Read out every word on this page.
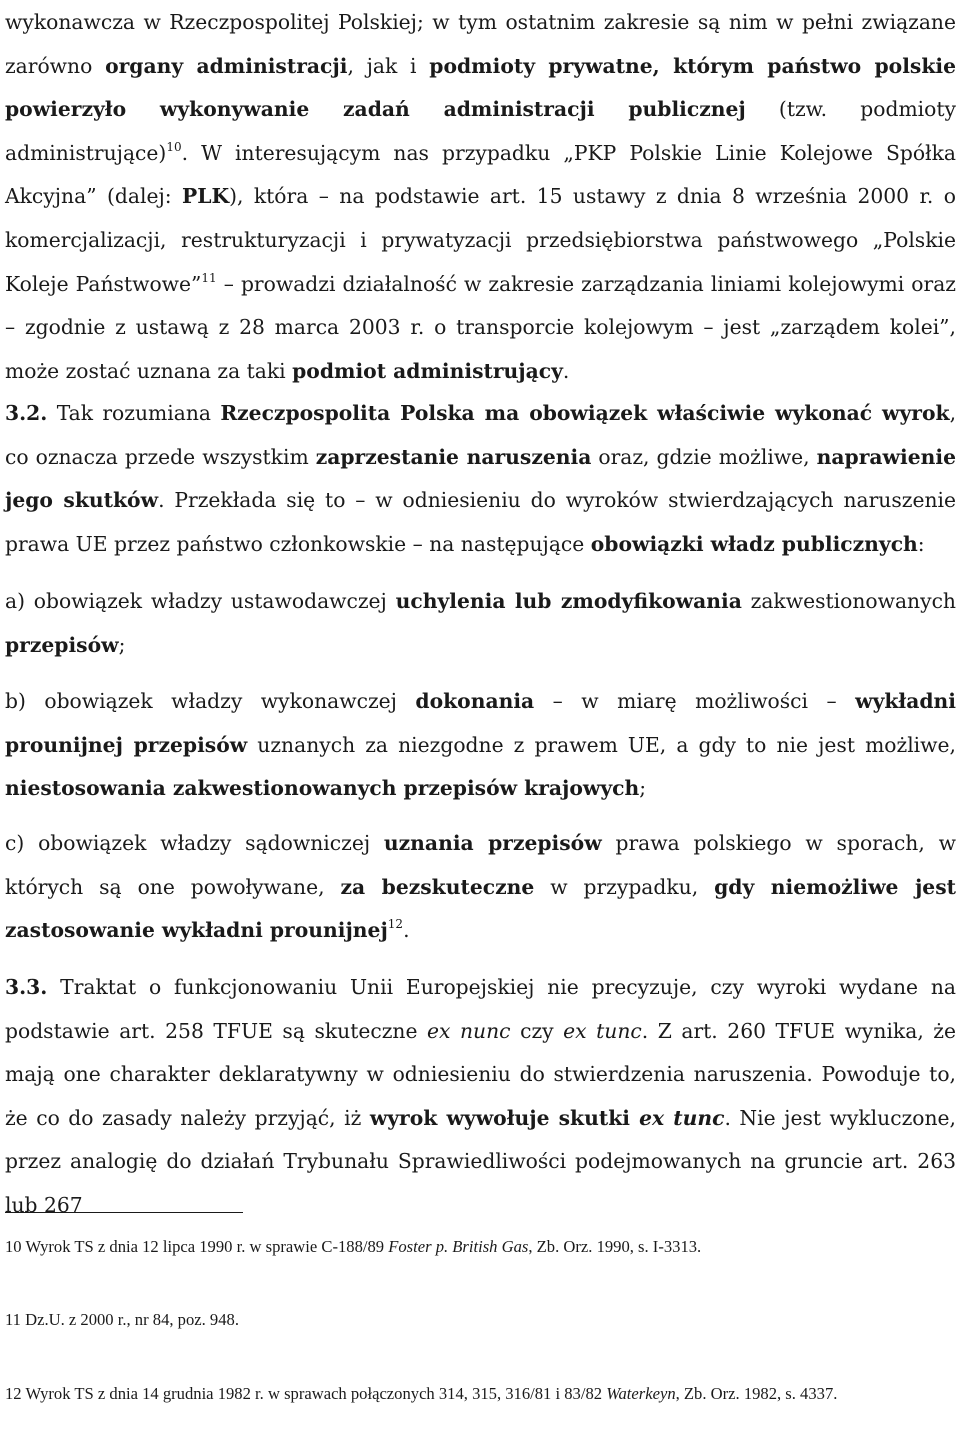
wykonawcza w Rzeczpospolitej Polskiej; w tym ostatnim zakresie są nim w pełni związane zarówno organy administracji, jak i podmioty prywatne, którym państwo polskie powierzyło wykonywanie zadań administracji publicznej (tzw. podmioty administrujące)$^{10}$. W interesującym nas przypadku „PKP Polskie Linie Kolejowe Spółka Akcyjna” (dalej: PLK), która – na podstawie art. 15 ustawy z dnia 8 września 2000 r. o komercjalizacji, restrukturyzacji i prywatyzacji przedsiębiorstwa państwowego „Polskie Koleje Państwowe”$^{11}$ – prowadzi działalność w zakresie zarządzania liniami kolejowymi oraz – zgodnie z ustawą z 28 marca 2003 r. o transporcie kolejowym – jest „zarządem kolei”, może zostać uznana za taki podmiot administrujący.

3.2. Tak rozumiana Rzeczpospolita Polska ma obowiązek właściwie wykonać wyrok, co oznacza przede wszystkim zaprzestanie naruszenia oraz, gdzie możliwe, naprawienie jego skutków. Przekłada się to – w odniesieniu do wyroków stwierdzających naruszenie prawa UE przez państwo członkowskie – na następujące obowiązki władz publicznych:

a) obowiązek władzy ustawodawczej uchylenia lub zmodyfikowania zakwestionowanych przepisów;

b) obowiązek władzy wykonawczej dokonania – w miarę możliwości – wykładni prounijnej przepisów uznanych za niezgodne z prawem UE, a gdy to nie jest możliwe, niestosowania zakwestionowanych przepisów krajowych;

c) obowiązek władzy sądowniczej uznania przepisów prawa polskiego w sporach, w których są one powoływane, za bezskuteczne w przypadku, gdy niemożliwe jest zastosowanie wykładni prounijnej$^{12}$.

3.3. Traktat o funkcjonowaniu Unii Europejskiej nie precyzuje, czy wyroki wydane na podstawie art. 258 TFUE są skuteczne ex nunc czy ex tunc. Z art. 260 TFUE wynika, że mają one charakter deklaratywny w odniesieniu do stwierdzenia naruszenia. Powoduje to, że co do zasady należy przyjąć, iż wyrok wywołuje skutki ex tunc. Nie jest wykluczone, przez analogię do działań Trybunału Sprawiedliwości podejmowanych na gruncie art. 263 lub 267

10 Wyrok TS z dnia 12 lipca 1990 r. w sprawie C-188/89 Foster p. British Gas, Zb. Orz. 1990, s. I-3313.

11 Dz.U. z 2000 r., nr 84, poz. 948.

12 Wyrok TS z dnia 14 grudnia 1982 r. w sprawach połączonych 314, 315, 316/81 i 83/82 Waterkeyn, Zb. Orz. 1982, s. 4337.
